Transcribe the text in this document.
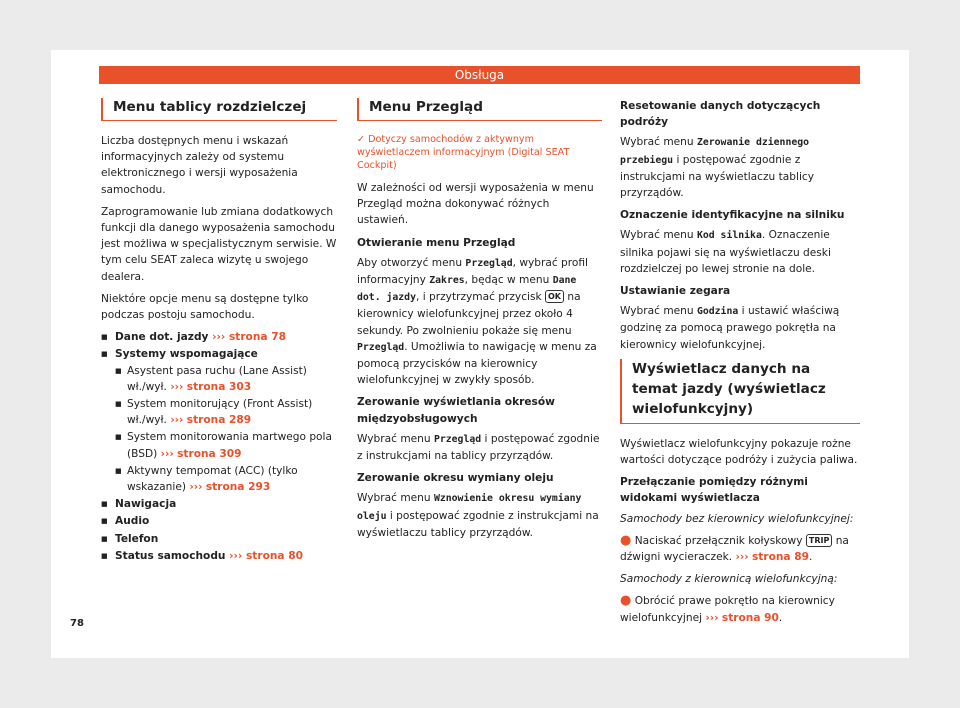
Obsługa
Menu tablicy rozdzielczej

Liczba dostępnych menu i wskazań informacyjnych zależy od systemu elektronicznego i wersji wyposażenia samochodu.

Zaprogramowanie lub zmiana dodatkowych funkcji dla danego wyposażenia samochodu jest możliwa w specjalistycznym serwisie. W tym celu SEAT zaleca wizytę u swojego dealera.

Niektóre opcje menu są dostępne tylko podczas postoju samochodu.

■ Dane dot. jazdy ››› strona 78
■ Systemy wspomagające
■ Asystent pasa ruchu (Lane Assist) wł./wył. ››› strona 303
■ System monitorujący (Front Assist) wł./wył. ››› strona 289
■ System monitorowania martwego pola (BSD) ››› strona 309
■ Aktywny tempomat (ACC) (tylko wskazanie) ››› strona 293
■ Nawigacja
■ Audio
■ Telefon
■ Status samochodu ››› strona 80
Menu Przegląd

✓ Dotyczy samochodów z aktywnym wyświetlaczem informacyjnym (Digital SEAT Cockpit)

W zależności od wersji wyposażenia w menu Przegląd można dokonywać różnych ustawień.

Otwieranie menu Przegląd

Aby otworzyć menu Przegląd, wybrać profil informacyjny Zakres, będąc w menu Dane dot. jazdy, i przytrzymać przycisk OK na kierownicy wielofunkcyjnej przez około 4 sekundy. Po zwolnieniu pokaże się menu Przegląd. Umożliwia to nawigację w menu za pomocą przycisków na kierownicy wielofunkcyjnej w zwykły sposób.

Zerowanie wyświetlania okresów międzyobsługowych

Wybrać menu Przegląd i postępować zgodnie z instrukcjami na tablicy przyrządów.

Zerowanie okresu wymiany oleju

Wybrać menu Wznowienie okresu wymiany oleju i postępować zgodnie z instrukcjami na wyświetlaczu tablicy przyrządów.

Resetowanie danych dotyczących podróży

Wybrać menu Zerowanie dziennego przebiegu i postępować zgodnie z instrukcjami na wyświetlaczu tablicy przyrządów.

Oznaczenie identyfikacyjne na silniku

Wybrać menu Kod silnika. Oznaczenie silnika pojawi się na wyświetlaczu deski rozdzielczej po lewej stronie na dole.

Ustawianie zegara

Wybrać menu Godzina i ustawić właściwą godzinę za pomocą prawego pokrętła na kierownicy wielofunkcyjnej.

Wyświetlacz danych na temat jazdy (wyświetlacz wielofunkcyjny)

Wyświetlacz wielofunkcyjny pokazuje rożne wartości dotyczące podróży i zużycia paliwa.

Przełączanie pomiędzy różnymi widokami wyświetlacza

Samochody bez kierownicy wielofunkcyjnej:

● Naciskać przełącznik kołyskowy TRIP na dźwigni wycieraczek. ››› strona 89.

Samochody z kierownicą wielofunkcyjną:

● Obrócić prawe pokrętło na kierownicy wielofunkcyjnej ››› strona 90.

78
